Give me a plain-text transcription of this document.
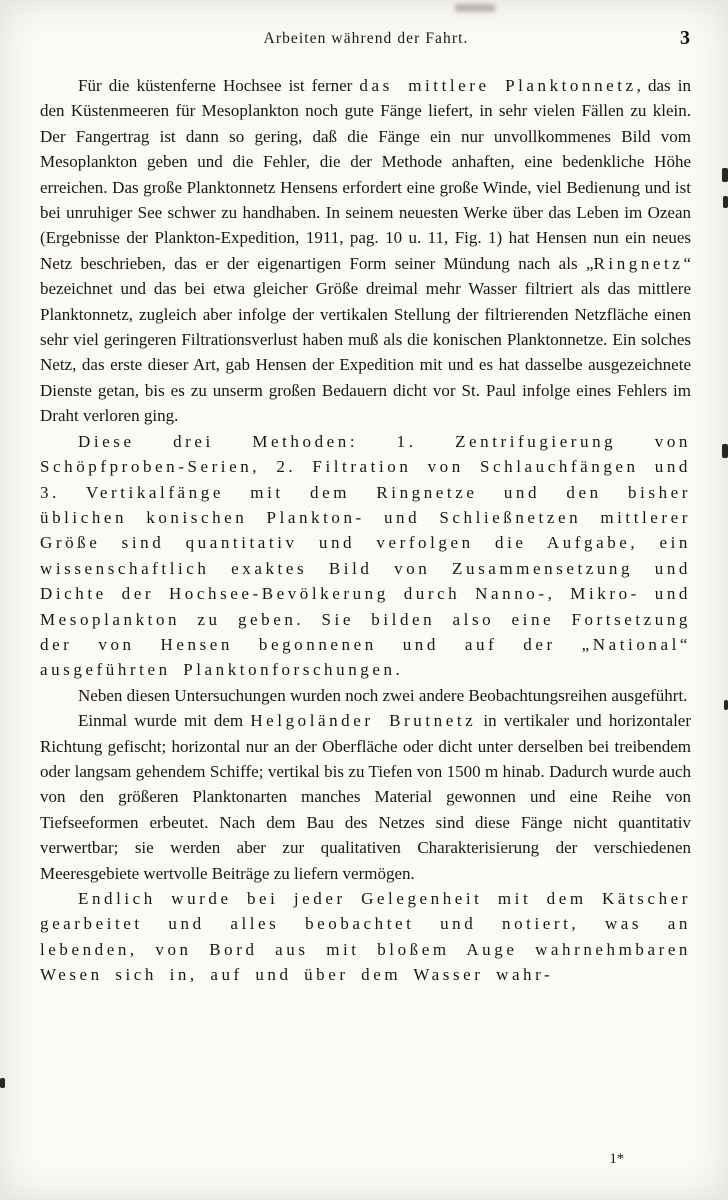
Arbeiten während der Fahrt.	3

Für die küstenferne Hochsee ist ferner das mittlere Planktonnetz, das in den Küstenmeeren für Mesoplankton noch gute Fänge liefert, in sehr vielen Fällen zu klein. Der Fangertrag ist dann so gering, daß die Fänge ein nur unvollkommenes Bild vom Mesoplankton geben und die Fehler, die der Methode anhaften, eine bedenkliche Höhe erreichen. Das große Planktonnetz Hensens erfordert eine große Winde, viel Bedienung und ist bei unruhiger See schwer zu handhaben. In seinem neuesten Werke über das Leben im Ozean (Ergebnisse der Plankton-Expedition, 1911, pag. 10 u. 11, Fig. 1) hat Hensen nun ein neues Netz beschrieben, das er der eigenartigen Form seiner Mündung nach als „Ringnetz“ bezeichnet und das bei etwa gleicher Größe dreimal mehr Wasser filtriert als das mittlere Planktonnetz, zugleich aber infolge der vertikalen Stellung der filtrierenden Netzfläche einen sehr viel geringeren Filtrationsverlust haben muß als die konischen Planktonnetze. Ein solches Netz, das erste dieser Art, gab Hensen der Expedition mit und es hat dasselbe ausgezeichnete Dienste getan, bis es zu unserm großen Bedauern dicht vor St. Paul infolge eines Fehlers im Draht verloren ging.

Diese drei Methoden: 1. Zentrifugierung von Schöpfproben-Serien, 2. Filtration von Schlauchfängen und 3. Vertikalfänge mit dem Ringnetze und den bisher üblichen konischen Plankton- und Schließnetzen mittlerer Größe sind quantitativ und verfolgen die Aufgabe, ein wissenschaftlich exaktes Bild von Zusammensetzung und Dichte der Hochsee-Bevölkerung durch Nanno-, Mikro- und Mesoplankton zu geben. Sie bilden also eine Fortsetzung der von Hensen begonnenen und auf der „National“ ausgeführten Planktonforschungen.

Neben diesen Untersuchungen wurden noch zwei andere Beobachtungsreihen ausgeführt.

Einmal wurde mit dem Helgoländer Brutnetz in vertikaler und horizontaler Richtung gefischt; horizontal nur an der Oberfläche oder dicht unter derselben bei treibendem oder langsam gehendem Schiffe; vertikal bis zu Tiefen von 1500 m hinab. Dadurch wurde auch von den größeren Planktonarten manches Material gewonnen und eine Reihe von Tiefseeformen erbeutet. Nach dem Bau des Netzes sind diese Fänge nicht quantitativ verwertbar; sie werden aber zur qualitativen Charakterisierung der verschiedenen Meeresgebiete wertvolle Beiträge zu liefern vermögen.

Endlich wurde bei jeder Gelegenheit mit dem Kätscher gearbeitet und alles beobachtet und notiert, was an lebenden, von Bord aus mit bloßem Auge wahrnehmbaren Wesen sich in, auf und über dem Wasser wahr-

1*
